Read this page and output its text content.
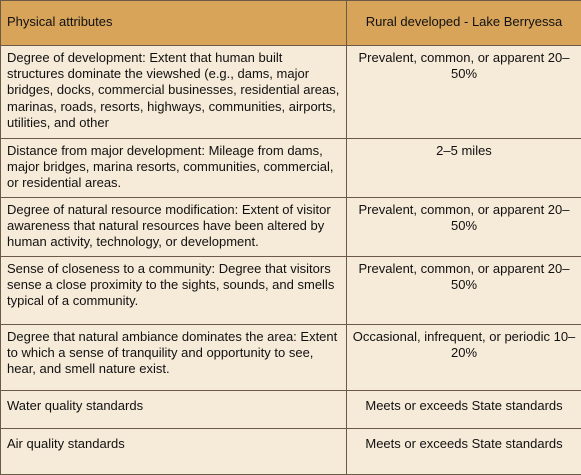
Physical attributes	Rural developed - Lake Berryessa

Degree of development: Extent that human built structures dominate the viewshed (e.g., dams, major bridges, docks, commercial businesses, residential areas, marinas, roads, resorts, highways, communities, airports, utilities, and other	Prevalent, common, or apparent 20–50%

Distance from major development: Mileage from dams, major bridges, marina resorts, communities, commercial, or residential areas.	2–5 miles

Degree of natural resource modification: Extent of visitor awareness that natural resources have been altered by human activity, technology, or development.	Prevalent, common, or apparent 20–50%

Sense of closeness to a community: Degree that visitors sense a close proximity to the sights, sounds, and smells typical of a community.	Prevalent, common, or apparent 20–50%

Degree that natural ambiance dominates the area: Extent to which a sense of tranquility and opportunity to see, hear, and smell nature exist.	Occasional, infrequent, or periodic 10–20%

Water quality standards	Meets or exceeds State standards

Air quality standards	Meets or exceeds State standards
